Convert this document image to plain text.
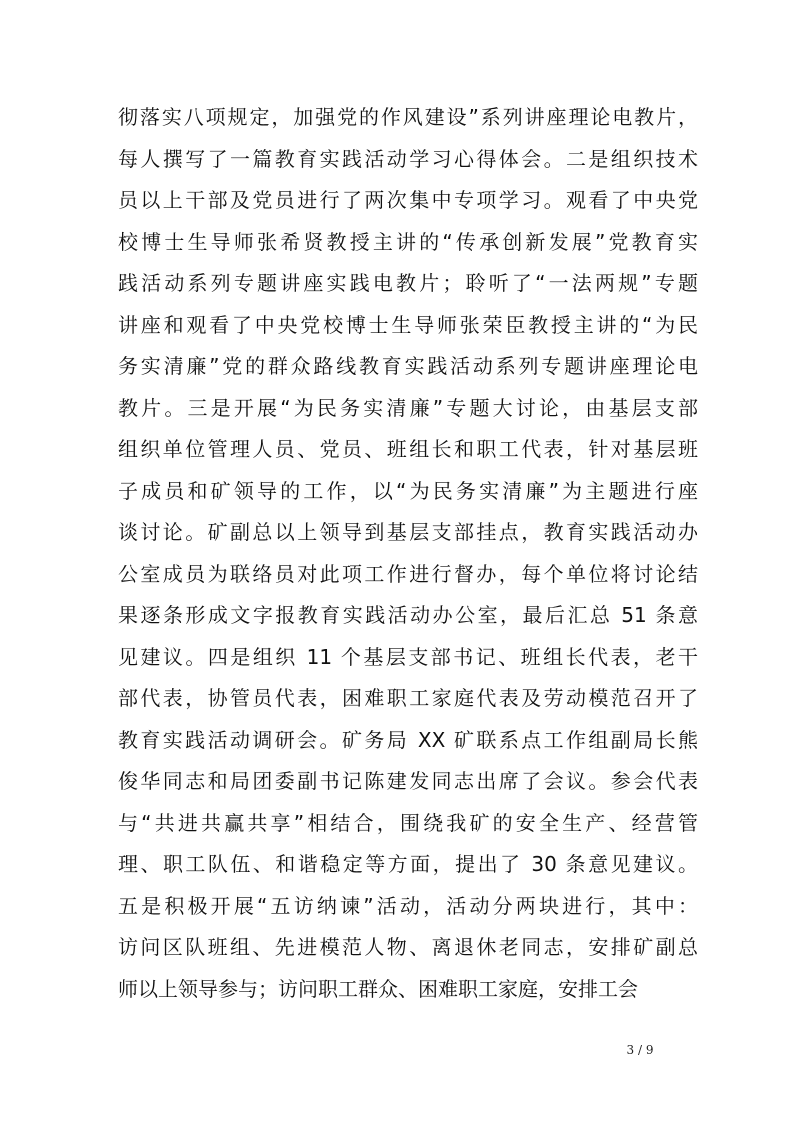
彻落实八项规定，加强党的作风建设”系列讲座理论电教片，
每人撰写了一篇教育实践活动学习心得体会。二是组织技术
员以上干部及党员进行了两次集中专项学习。观看了中央党
校博士生导师张希贤教授主讲的“传承创新发展”党教育实
践活动系列专题讲座实践电教片；聆听了“一法两规”专题
讲座和观看了中央党校博士生导师张荣臣教授主讲的“为民
务实清廉”党的群众路线教育实践活动系列专题讲座理论电
教片。三是开展“为民务实清廉”专题大讨论，由基层支部
组织单位管理人员、党员、班组长和职工代表，针对基层班
子成员和矿领导的工作，以“为民务实清廉”为主题进行座
谈讨论。矿副总以上领导到基层支部挂点，教育实践活动办
公室成员为联络员对此项工作进行督办，每个单位将讨论结
果逐条形成文字报教育实践活动办公室，最后汇总 51 条意
见建议。四是组织 11 个基层支部书记、班组长代表，老干
部代表，协管员代表，困难职工家庭代表及劳动模范召开了
教育实践活动调研会。矿务局 XX 矿联系点工作组副局长熊
俊华同志和局团委副书记陈建发同志出席了会议。参会代表
与“共进共赢共享”相结合，围绕我矿的安全生产、经营管
理、职工队伍、和谐稳定等方面，提出了 30 条意见建议。
五是积极开展“五访纳谏”活动，活动分两块进行，其中：
访问区队班组、先进模范人物、离退休老同志，安排矿副总
师以上领导参与；访问职工群众、困难职工家庭，安排工会
3 / 9
